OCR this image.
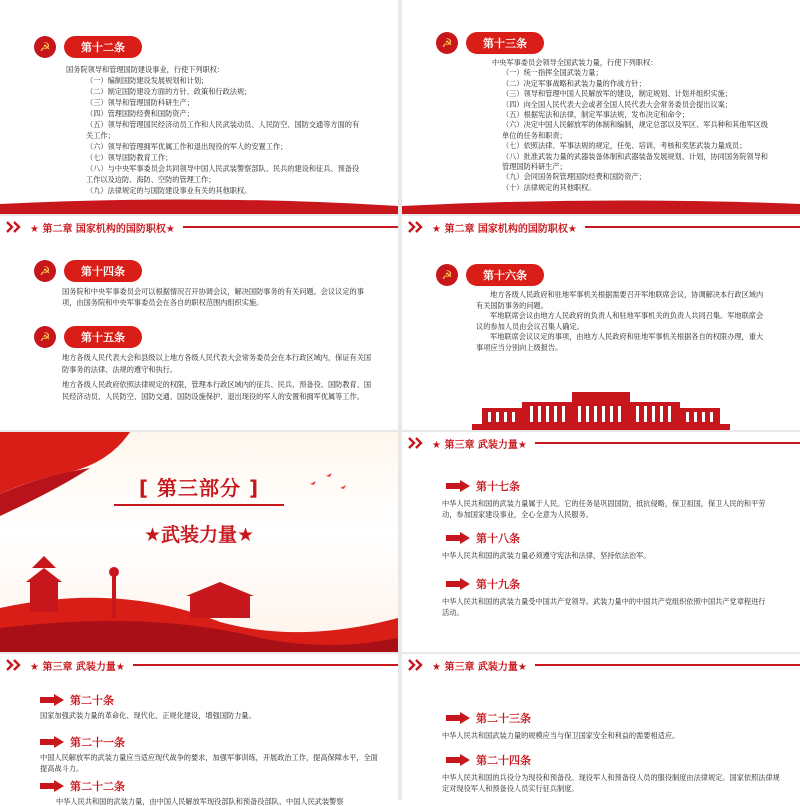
☭	第十二条
国务院领导和管理国防建设事业，行使下列职权：
（一）编制国防建设发展规划和计划；
（二）制定国防建设方面的方针、政策和行政法规；
（三）领导和管理国防科研生产；
（四）管理国防经费和国防资产；
（五）领导和管理国民经济动员工作和人民武装动员、人民防空、国防交通等方面的有关工作；
（六）领导和管理拥军优属工作和退出现役的军人的安置工作；
（七）领导国防教育工作；
（八）与中央军事委员会共同领导中国人民武装警察部队、民兵的建设和征兵、预备役工作以及边防、海防、空防的管理工作；
（九）法律规定的与国防建设事业有关的其他职权。
☭	第十三条
中央军事委员会领导全国武装力量，行使下列职权：
（一）统一指挥全国武装力量；
（二）决定军事战略和武装力量的作战方针；
（三）领导和管理中国人民解放军的建设，制定规划、计划并组织实施；
（四）向全国人民代表大会或者全国人民代表大会常务委员会提出议案；
（五）根据宪法和法律，制定军事法规，发布决定和命令；
（六）决定中国人民解放军的体制和编制，规定总部以及军区、军兵种和其他军区级单位的任务和职责；
（七）依照法律、军事法规的规定，任免、培训、考核和奖惩武装力量成员；
（八）批准武装力量的武器装备体制和武器装备发展规划、计划，协同国务院领导和管理国防科研生产；
（九）会同国务院管理国防经费和国防资产；
（十）法律规定的其他职权。
★ 第二章 国家机构的国防职权★
☭	第十四条
国务院和中央军事委员会可以根据情况召开协调会议，解决国防事务的有关问题。会议议定的事项，由国务院和中央军事委员会在各自的职权范围内组织实施。
☭	第十五条
地方各级人民代表大会和县级以上地方各级人民代表大会常务委员会在本行政区域内，保证有关国防事务的法律、法规的遵守和执行。
地方各级人民政府依照法律规定的权限，管理本行政区域内的征兵、民兵、预备役、国防教育、国民经济动员、人民防空、国防交通、国防设施保护、退出现役的军人的安置和拥军优属等工作。
★ 第二章 国家机构的国防职权★
☭	第十六条
地方各级人民政府和驻地军事机关根据需要召开军地联席会议，协调解决本行政区域内有关国防事务的问题。
军地联席会议由地方人民政府的负责人和驻地军事机关的负责人共同召集。军地联席会议的参加人员由会议召集人确定。
军地联席会议议定的事项，由地方人民政府和驻地军事机关根据各自的权限办理，重大事项应当分别向上级报告。
[ 第三部分 ]
★武装力量★
★ 第三章 武装力量★
第十七条
中华人民共和国的武装力量属于人民。它的任务是巩固国防，抵抗侵略，保卫祖国，保卫人民的和平劳动，参加国家建设事业，全心全意为人民服务。
第十八条
中华人民共和国的武装力量必须遵守宪法和法律，坚持依法治军。
第十九条
中华人民共和国的武装力量受中国共产党领导。武装力量中的中国共产党组织依照中国共产党章程进行活动。
★ 第三章 武装力量★
第二十条
国家加强武装力量的革命化、现代化、正规化建设，增强国防力量。
第二十一条
中国人民解放军的武装力量应当适应现代战争的要求，加强军事训练，开展政治工作，提高保障水平，全面提高战斗力。
第二十二条
中华人民共和国的武装力量，由中国人民解放军现役部队和预备役部队、中国人民武装警察
★ 第三章 武装力量★
第二十三条
中华人民共和国武装力量的规模应当与保卫国家安全和利益的需要相适应。
第二十四条
中华人民共和国的兵役分为现役和预备役。现役军人和预备役人员的服役制度由法律规定。国家依照法律规定对现役军人和预备役人员实行征兵制度。
